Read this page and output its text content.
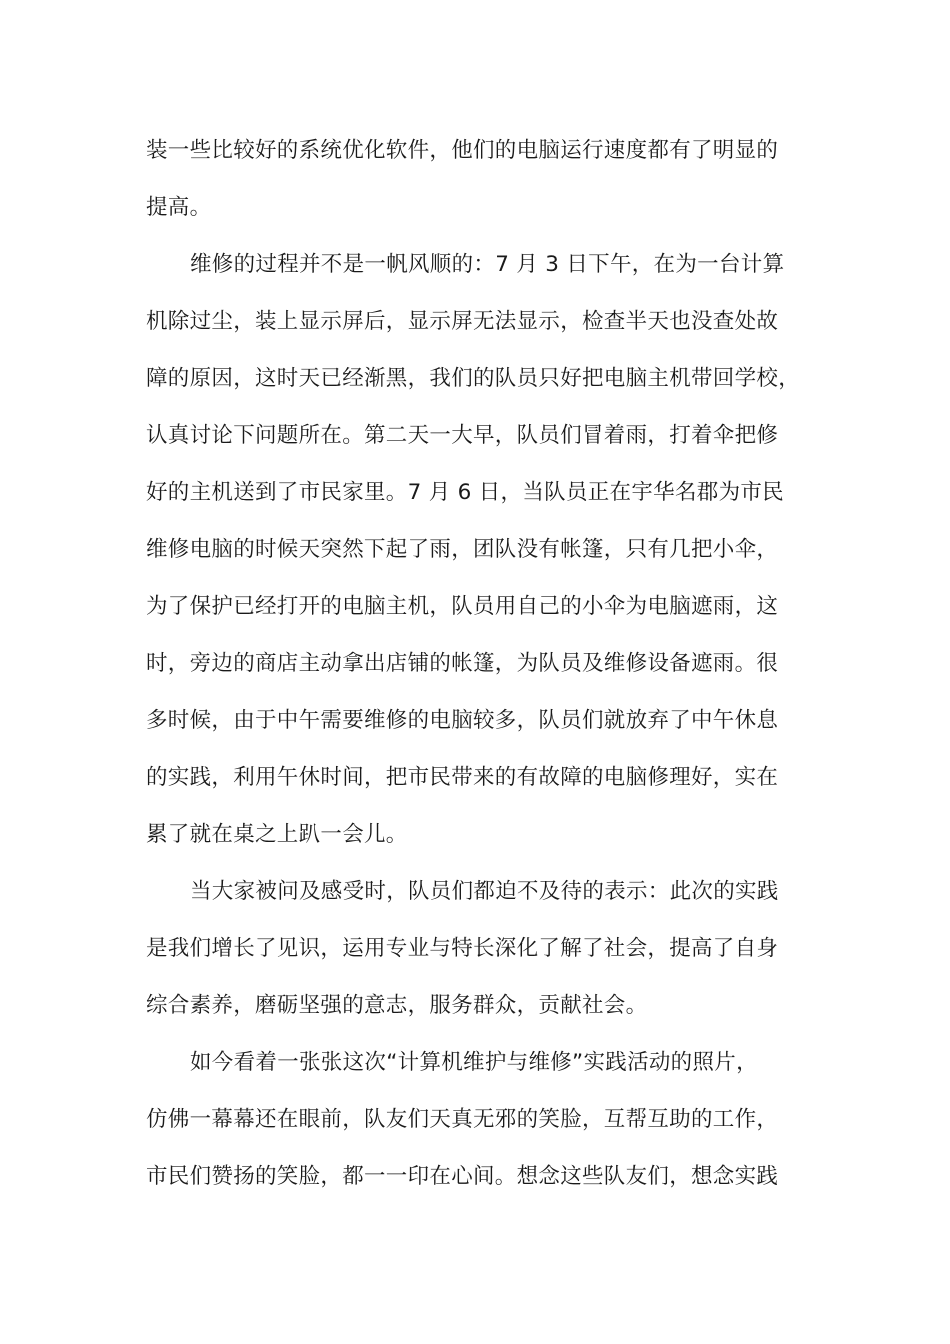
装一些比较好的系统优化软件，他们的电脑运行速度都有了明显的
提高。
维修的过程并不是一帆风顺的：7 月 3 日下午，在为一台计算
机除过尘，装上显示屏后，显示屏无法显示，检查半天也没查处故
障的原因，这时天已经渐黑，我们的队员只好把电脑主机带回学校，
认真讨论下问题所在。第二天一大早，队员们冒着雨，打着伞把修
好的主机送到了市民家里。7 月 6 日，当队员正在宇华名郡为市民
维修电脑的时候天突然下起了雨，团队没有帐篷，只有几把小伞，
为了保护已经打开的电脑主机，队员用自己的小伞为电脑遮雨，这
时，旁边的商店主动拿出店铺的帐篷，为队员及维修设备遮雨。很
多时候，由于中午需要维修的电脑较多，队员们就放弃了中午休息
的实践，利用午休时间，把市民带来的有故障的电脑修理好，实在
累了就在桌之上趴一会儿。
当大家被问及感受时，队员们都迫不及待的表示：此次的实践
是我们增长了见识，运用专业与特长深化了解了社会，提高了自身
综合素养，磨砺坚强的意志，服务群众，贡献社会。
如今看着一张张这次“计算机维护与维修”实践活动的照片，
仿佛一幕幕还在眼前，队友们天真无邪的笑脸，互帮互助的工作，
市民们赞扬的笑脸，都一一印在心间。想念这些队友们，想念实践
